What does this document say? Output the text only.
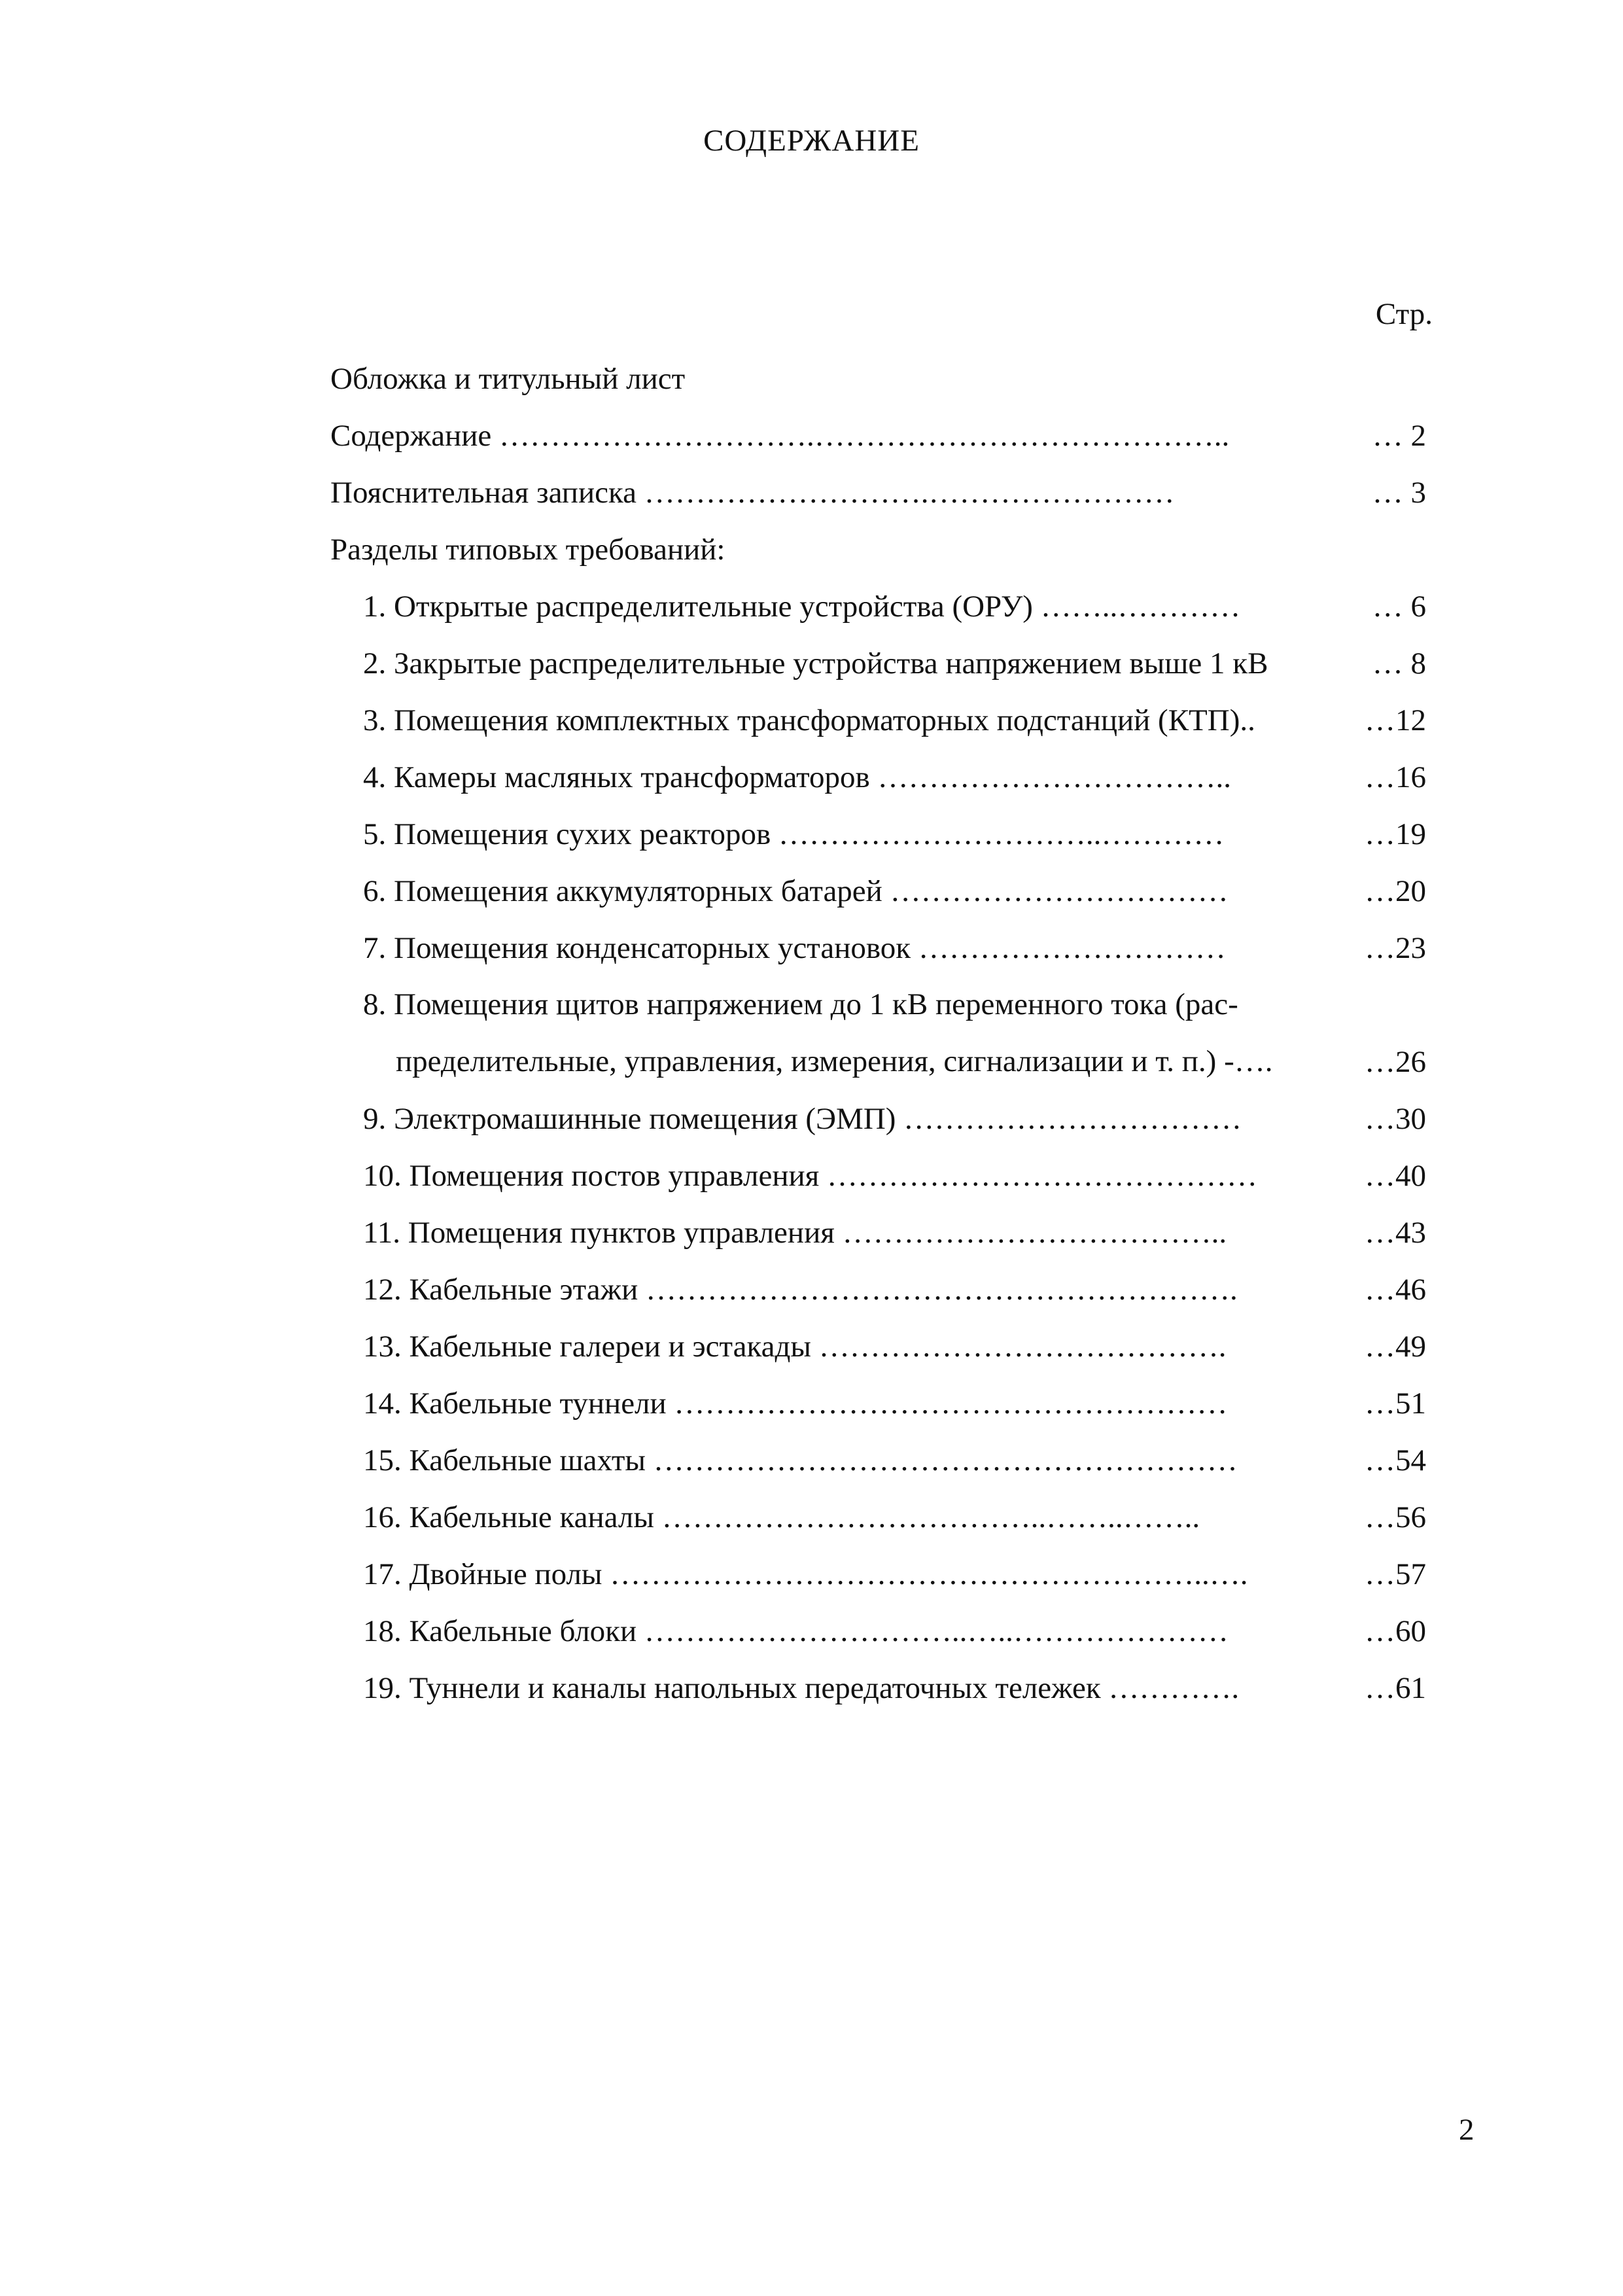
СОДЕРЖАНИЕ
Стр.
Обложка и титульный лист
Содержание ………………………….…………………………………..	… 2
Пояснительная записка ……………………….……………………	… 3
Разделы типовых требований:
1. Открытые распределительные устройства (ОРУ) ……..…………	… 6
2. Закрытые распределительные устройства напряжением выше 1 кВ	… 8
3. Помещения комплектных трансформаторных подстанций (КТП)..	…12
4. Камеры масляных трансформаторов ……………………………..	…16
5. Помещения сухих реакторов …………………………..…………	…19
6. Помещения аккумуляторных батарей ……………………………	…20
7. Помещения конденсаторных установок …………………………	…23
8. Помещения щитов напряжением до 1 кВ переменного тока (рас-
пределительные, управления, измерения, сигнализации и т. п.) -….	…26
9. Электромашинные помещения (ЭМП) ……………………………	…30
10. Помещения постов управления ……………………………………	…40
11. Помещения пунктов управления ………………………………..	…43
12. Кабельные этажи ………………………………………………….	…46
13. Кабельные галереи и эстакады ………………………………….	…49
14. Кабельные туннели ………………………………………………	…51
15. Кабельные шахты …………………………………………………	…54
16. Кабельные каналы ………………………………..……..……..	…56
17. Двойные полы …………………………………………………..….	…57
18. Кабельные блоки …………………………..…..…………………	…60
19. Туннели и каналы напольных передаточных тележек ………….	…61
2
